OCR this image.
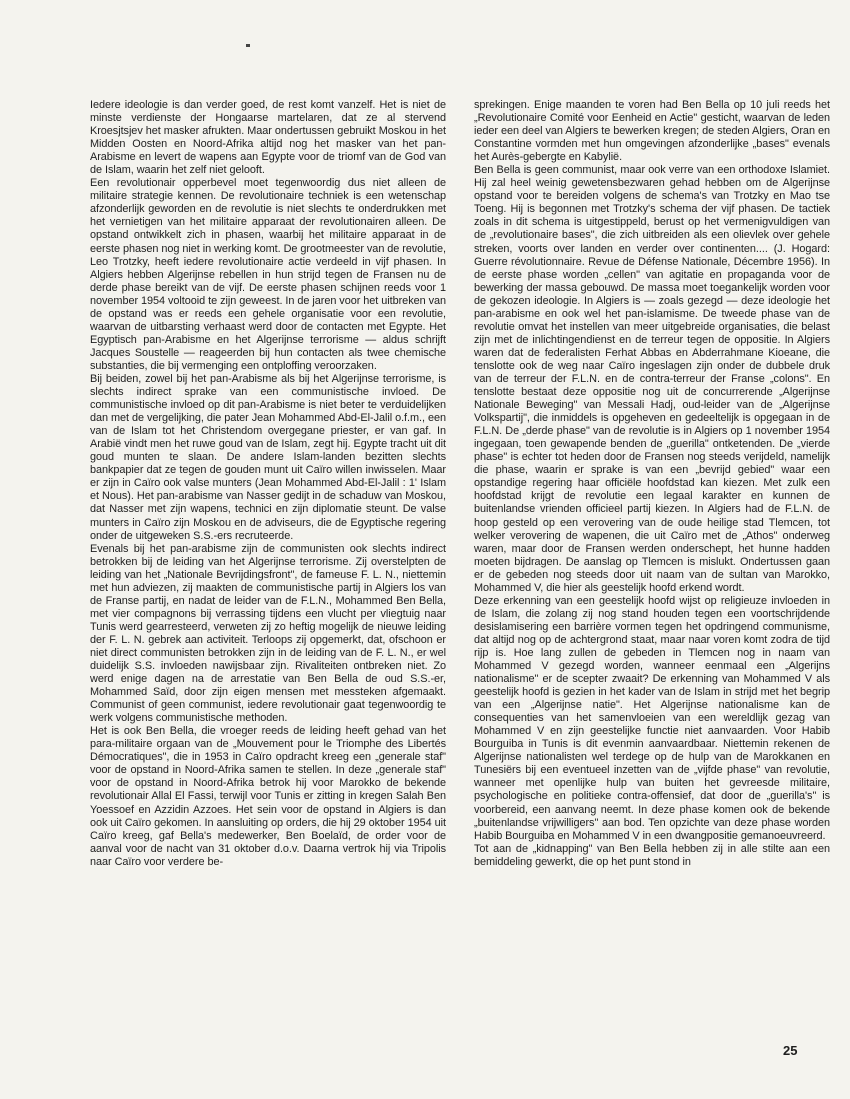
Iedere ideologie is dan verder goed, de rest komt vanzelf. Het is niet de minste verdienste der Hongaarse martelaren, dat ze al stervend Kroesjtsjev het masker afrukten. Maar ondertussen gebruikt Moskou in het Midden Oosten en Noord-Afrika altijd nog het masker van het pan-Arabisme en levert de wapens aan Egypte voor de triomf van de God van de Islam, waarin het zelf niet gelooft.

Een revolutionair opperbevel moet tegenwoordig dus niet alleen de militaire strategie kennen. De revolutionaire techniek is een wetenschap afzonderlijk geworden en de revolutie is niet slechts te onderdrukken met het vernietigen van het militaire apparaat der revolutionairen alleen. De opstand ontwikkelt zich in phasen, waarbij het militaire apparaat in de eerste phasen nog niet in werking komt. De grootmeester van de revolutie, Leo Trotzky, heeft iedere revolutionaire actie verdeeld in vijf phasen. In Algiers hebben Algerijnse rebellen in hun strijd tegen de Fransen nu de derde phase bereikt van de vijf. De eerste phasen schijnen reeds voor 1 november 1954 voltooid te zijn geweest. In de jaren voor het uitbreken van de opstand was er reeds een gehele organisatie voor een revolutie, waarvan de uitbarsting verhaast werd door de contacten met Egypte. Het Egyptisch pan-Arabisme en het Algerijnse terrorisme — aldus schrijft Jacques Soustelle — reageerden bij hun contacten als twee chemische substanties, die bij vermenging een ontploffing veroorzaken.

Bij beiden, zowel bij het pan-Arabisme als bij het Algerijnse terrorisme, is slechts indirect sprake van een communistische invloed. De communistische invloed op dit pan-Arabisme is niet beter te verduidelijken dan met de vergelijking, die pater Jean Mohammed Abd-El-Jalil o.f.m., een van de Islam tot het Christendom overgegane priester, er van gaf. In Arabië vindt men het ruwe goud van de Islam, zegt hij. Egypte tracht uit dit goud munten te slaan. De andere Islam-landen bezitten slechts bankpapier dat ze tegen de gouden munt uit Caïro willen inwisselen. Maar er zijn in Caïro ook valse munters (Jean Mohammed Abd-El-Jalil : 1' Islam et Nous). Het pan-arabisme van Nasser gedijt in de schaduw van Moskou, dat Nasser met zijn wapens, technici en zijn diplomatie steunt. De valse munters in Caïro zijn Moskou en de adviseurs, die de Egyptische regering onder de uitgeweken S.S.-ers recruteerde.

Evenals bij het pan-arabisme zijn de communisten ook slechts indirect betrokken bij de leiding van het Algerijnse terrorisme. Zij overstelpten de leiding van het „Nationale Bevrijdingsfront", de fameuse F. L. N., niettemin met hun adviezen, zij maakten de communistische partij in Algiers los van de Franse partij, en nadat de leider van de F.L.N., Mohammed Ben Bella, met vier compagnons bij verrassing tijdens een vlucht per vliegtuig naar Tunis werd gearresteerd, verweten zij zo heftig mogelijk de nieuwe leiding der F. L. N. gebrek aan activiteit. Terloops zij opgemerkt, dat, ofschoon er niet direct communisten betrokken zijn in de leiding van de F. L. N., er wel duidelijk S.S. invloeden nawijsbaar zijn. Rivaliteiten ontbreken niet. Zo werd enige dagen na de arrestatie van Ben Bella de oud S.S.-er, Mohammed Saïd, door zijn eigen mensen met messteken afgemaakt. Communist of geen communist, iedere revolutionair gaat tegenwoordig te werk volgens communistische methoden.

Het is ook Ben Bella, die vroeger reeds de leiding heeft gehad van het para-militaire orgaan van de „Mouvement pour le Triomphe des Libertés Démocratiques", die in 1953 in Caïro opdracht kreeg een „generale staf" voor de opstand in Noord-Afrika samen te stellen. In deze „generale staf" voor de opstand in Noord-Afrika betrok hij voor Marokko de bekende revolutionair Allal El Fassi, terwijl voor Tunis er zitting in kregen Salah Ben Yoessoef en Azzidin Azzoes. Het sein voor de opstand in Algiers is dan ook uit Caïro gekomen. In aansluiting op orders, die hij 29 oktober 1954 uit Caïro kreeg, gaf Bella's medewerker, Ben Boelaïd, de order voor de aanval voor de nacht van 31 oktober d.o.v. Daarna vertrok hij via Tripolis naar Caïro voor verdere be-

sprekingen. Enige maanden te voren had Ben Bella op 10 juli reeds het „Revolutionaire Comité voor Eenheid en Actie" gesticht, waarvan de leden ieder een deel van Algiers te bewerken kregen; de steden Algiers, Oran en Constantine vormden met hun omgevingen afzonderlijke „bases" evenals het Aurès-gebergte en Kabylië.

Ben Bella is geen communist, maar ook verre van een orthodoxe Islamiet. Hij zal heel weinig gewetensbezwaren gehad hebben om de Algerijnse opstand voor te bereiden volgens de schema's van Trotzky en Mao tse Toeng. Hij is begonnen met Trotzky's schema der vijf phasen. De tactiek zoals in dit schema is uitgestippeld, berust op het vermenigvuldigen van de „revolutionaire bases", die zich uitbreiden als een olievlek over gehele streken, voorts over landen en verder over continenten.... (J. Hogard: Guerre révolutionnaire. Revue de Défense Nationale, Décembre 1956). In de eerste phase worden „cellen" van agitatie en propaganda voor de bewerking der massa gebouwd. De massa moet toegankelijk worden voor de gekozen ideologie. In Algiers is — zoals gezegd — deze ideologie het pan-arabisme en ook wel het pan-islamisme. De tweede phase van de revolutie omvat het instellen van meer uitgebreide organisaties, die belast zijn met de inlichtingendienst en de terreur tegen de oppositie. In Algiers waren dat de federalisten Ferhat Abbas en Abderrahmane Kioeane, die tenslotte ook de weg naar Caïro ingeslagen zijn onder de dubbele druk van de terreur der F.L.N. en de contra-terreur der Franse „colons". En tenslotte bestaat deze oppositie nog uit de concurrerende „Algerijnse Nationale Beweging" van Messali Hadj, oud-leider van de „Algerijnse Volkspartij", die inmiddels is opgeheven en gedeeltelijk is opgegaan in de F.L.N. De „derde phase" van de revolutie is in Algiers op 1 november 1954 ingegaan, toen gewapende benden de „guerilla" ontketenden. De „vierde phase" is echter tot heden door de Fransen nog steeds verijdeld, namelijk die phase, waarin er sprake is van een „bevrijd gebied" waar een opstandige regering haar officiële hoofdstad kan kiezen. Met zulk een hoofdstad krijgt de revolutie een legaal karakter en kunnen de buitenlandse vrienden officieel partij kiezen. In Algiers had de F.L.N. de hoop gesteld op een verovering van de oude heilige stad Tlemcen, tot welker verovering de wapenen, die uit Caïro met de „Athos" onderweg waren, maar door de Fransen werden onderschept, het hunne hadden moeten bijdragen. De aanslag op Tlemcen is mislukt. Ondertussen gaan er de gebeden nog steeds door uit naam van de sultan van Marokko, Mohammed V, die hier als geestelijk hoofd erkend wordt.

Deze erkenning van een geestelijk hoofd wijst op religieuze invloeden in de Islam, die zolang zij nog stand houden tegen een voortschrijdende desislamisering een barrière vormen tegen het opdringend communisme, dat altijd nog op de achtergrond staat, maar naar voren komt zodra de tijd rijp is. Hoe lang zullen de gebeden in Tlemcen nog in naam van Mohammed V gezegd worden, wanneer eenmaal een „Algerijns nationalisme" er de scepter zwaait? De erkenning van Mohammed V als geestelijk hoofd is gezien in het kader van de Islam in strijd met het begrip van een „Algerijnse natie". Het Algerijnse nationalisme kan de consequenties van het samenvloeien van een wereldlijk gezag van Mohammed V en zijn geestelijke functie niet aanvaarden. Voor Habib Bourguiba in Tunis is dit evenmin aanvaardbaar. Niettemin rekenen de Algerijnse nationalisten wel terdege op de hulp van de Marokkanen en Tunesiërs bij een eventueel inzetten van de „vijfde phase" van revolutie, wanneer met openlijke hulp van buiten het gevreesde militaire, psychologische en politieke contra-offensief, dat door de „guerilla's" is voorbereid, een aanvang neemt. In deze phase komen ook de bekende „buitenlandse vrijwilligers" aan bod. Ten opzichte van deze phase worden Habib Bourguiba en Mohammed V in een dwangpositie gemanoeuvreerd.

Tot aan de „kidnapping" van Ben Bella hebben zij in alle stilte aan een bemiddeling gewerkt, die op het punt stond in

25
